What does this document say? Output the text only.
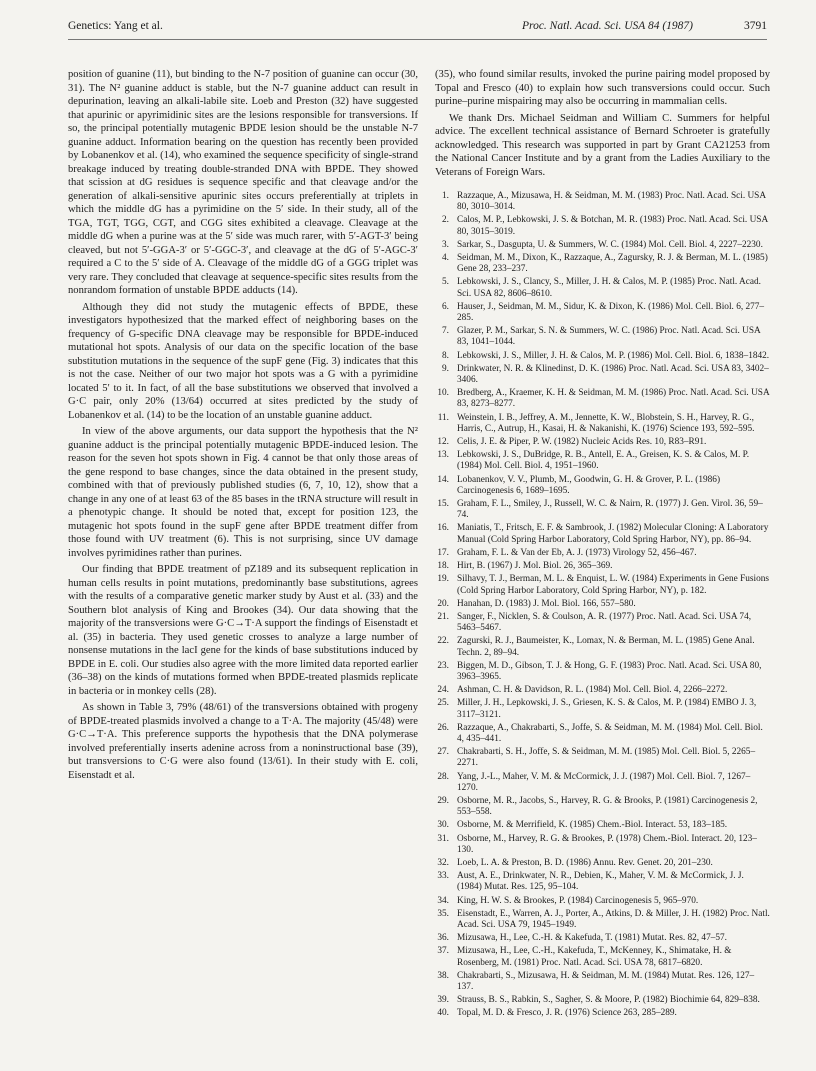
Genetics: Yang et al.	Proc. Natl. Acad. Sci. USA 84 (1987)	3791

position of guanine (11), but binding to the N-7 position of guanine can occur (30, 31). The N² guanine adduct is stable, but the N-7 guanine adduct can result in depurination, leaving an alkali-labile site. Loeb and Preston (32) have suggested that apurinic or apyrimidinic sites are the lesions responsible for transversions. If so, the principal potentially mutagenic BPDE lesion should be the unstable N-7 guanine adduct. Information bearing on the question has recently been provided by Lobanenkov et al. (14), who examined the sequence specificity of single-strand breakage induced by treating double-stranded DNA with BPDE. They showed that scission at dG residues is sequence specific and that cleavage and/or the generation of alkali-sensitive apurinic sites occurs preferentially at triplets in which the middle dG has a pyrimidine on the 5′ side. In their study, all of the TGA, TGT, TGG, CGT, and CGG sites exhibited a cleavage. Cleavage at the middle dG when a purine was at the 5′ side was much rarer, with 5′-AGT-3′ being cleaved, but not 5′-GGA-3′ or 5′-GGC-3′, and cleavage at the dG of 5′-AGC-3′ required a C to the 5′ side of A. Cleavage of the middle dG of a GGG triplet was very rare. They concluded that cleavage at sequence-specific sites results from the nonrandom formation of unstable BPDE adducts (14).

Although they did not study the mutagenic effects of BPDE, these investigators hypothesized that the marked effect of neighboring bases on the frequency of G-specific DNA cleavage may be responsible for BPDE-induced mutational hot spots. Analysis of our data on the specific location of the base substitution mutations in the sequence of the supF gene (Fig. 3) indicates that this is not the case. Neither of our two major hot spots was a G with a pyrimidine located 5′ to it. In fact, of all the base substitutions we observed that involved a G·C pair, only 20% (13/64) occurred at sites predicted by the study of Lobanenkov et al. (14) to be the location of an unstable guanine adduct.

In view of the above arguments, our data support the hypothesis that the N² guanine adduct is the principal potentially mutagenic BPDE-induced lesion. The reason for the seven hot spots shown in Fig. 4 cannot be that only those areas of the gene respond to base changes, since the data obtained in the present study, combined with that of previously published studies (6, 7, 10, 12), show that a change in any one of at least 63 of the 85 bases in the tRNA structure will result in a phenotypic change. It should be noted that, except for position 123, the mutagenic hot spots found in the supF gene after BPDE treatment differ from those found with UV treatment (6). This is not surprising, since UV damage involves pyrimidines rather than purines.

Our finding that BPDE treatment of pZ189 and its subsequent replication in human cells results in point mutations, predominantly base substitutions, agrees with the results of a comparative genetic marker study by Aust et al. (33) and the Southern blot analysis of King and Brookes (34). Our data showing that the majority of the transversions were G·C→T·A support the findings of Eisenstadt et al. (35) in bacteria. They used genetic crosses to analyze a large number of nonsense mutations in the lacI gene for the kinds of base substitutions induced by BPDE in E. coli. Our studies also agree with the more limited data reported earlier (36–38) on the kinds of mutations formed when BPDE-treated plasmids replicate in bacteria or in monkey cells (28).

As shown in Table 3, 79% (48/61) of the transversions obtained with progeny of BPDE-treated plasmids involved a change to a T·A. The majority (45/48) were G·C→T·A. This preference supports the hypothesis that the DNA polymerase involved preferentially inserts adenine across from a noninstructional base (39), but transversions to C·G were also found (13/61). In their study with E. coli, Eisenstadt et al.

(35), who found similar results, invoked the purine pairing model proposed by Topal and Fresco (40) to explain how such transversions could occur. Such purine–purine mispairing may also be occurring in mammalian cells.

We thank Drs. Michael Seidman and William C. Summers for helpful advice. The excellent technical assistance of Bernard Schroeter is gratefully acknowledged. This research was supported in part by Grant CA21253 from the National Cancer Institute and by a grant from the Ladies Auxiliary to the Veterans of Foreign Wars.

1. Razzaque, A., Mizusawa, H. & Seidman, M. M. (1983) Proc. Natl. Acad. Sci. USA 80, 3010–3014.
2. Calos, M. P., Lebkowski, J. S. & Botchan, M. R. (1983) Proc. Natl. Acad. Sci. USA 80, 3015–3019.
3. Sarkar, S., Dasgupta, U. & Summers, W. C. (1984) Mol. Cell. Biol. 4, 2227–2230.
4. Seidman, M. M., Dixon, K., Razzaque, A., Zagursky, R. J. & Berman, M. L. (1985) Gene 28, 233–237.
5. Lebkowski, J. S., Clancy, S., Miller, J. H. & Calos, M. P. (1985) Proc. Natl. Acad. Sci. USA 82, 8606–8610.
6. Hauser, J., Seidman, M. M., Sidur, K. & Dixon, K. (1986) Mol. Cell. Biol. 6, 277–285.
7. Glazer, P. M., Sarkar, S. N. & Summers, W. C. (1986) Proc. Natl. Acad. Sci. USA 83, 1041–1044.
8. Lebkowski, J. S., Miller, J. H. & Calos, M. P. (1986) Mol. Cell. Biol. 6, 1838–1842.
9. Drinkwater, N. R. & Klinedinst, D. K. (1986) Proc. Natl. Acad. Sci. USA 83, 3402–3406.
10. Bredberg, A., Kraemer, K. H. & Seidman, M. M. (1986) Proc. Natl. Acad. Sci. USA 83, 8273–8277.
11. Weinstein, I. B., Jeffrey, A. M., Jennette, K. W., Blobstein, S. H., Harvey, R. G., Harris, C., Autrup, H., Kasai, H. & Nakanishi, K. (1976) Science 193, 592–595.
12. Celis, J. E. & Piper, P. W. (1982) Nucleic Acids Res. 10, R83–R91.
13. Lebkowski, J. S., DuBridge, R. B., Antell, E. A., Greisen, K. S. & Calos, M. P. (1984) Mol. Cell. Biol. 4, 1951–1960.
14. Lobanenkov, V. V., Plumb, M., Goodwin, G. H. & Grover, P. L. (1986) Carcinogenesis 6, 1689–1695.
15. Graham, F. L., Smiley, J., Russell, W. C. & Nairn, R. (1977) J. Gen. Virol. 36, 59–74.
16. Maniatis, T., Fritsch, E. F. & Sambrook, J. (1982) Molecular Cloning: A Laboratory Manual (Cold Spring Harbor Laboratory, Cold Spring Harbor, NY), pp. 86–94.
17. Graham, F. L. & Van der Eb, A. J. (1973) Virology 52, 456–467.
18. Hirt, B. (1967) J. Mol. Biol. 26, 365–369.
19. Silhavy, T. J., Berman, M. L. & Enquist, L. W. (1984) Experiments in Gene Fusions (Cold Spring Harbor Laboratory, Cold Spring Harbor, NY), p. 182.
20. Hanahan, D. (1983) J. Mol. Biol. 166, 557–580.
21. Sanger, F., Nicklen, S. & Coulson, A. R. (1977) Proc. Natl. Acad. Sci. USA 74, 5463–5467.
22. Zagurski, R. J., Baumeister, K., Lomax, N. & Berman, M. L. (1985) Gene Anal. Techn. 2, 89–94.
23. Biggen, M. D., Gibson, T. J. & Hong, G. F. (1983) Proc. Natl. Acad. Sci. USA 80, 3963–3965.
24. Ashman, C. H. & Davidson, R. L. (1984) Mol. Cell. Biol. 4, 2266–2272.
25. Miller, J. H., Lepkowski, J. S., Griesen, K. S. & Calos, M. P. (1984) EMBO J. 3, 3117–3121.
26. Razzaque, A., Chakrabarti, S., Joffe, S. & Seidman, M. M. (1984) Mol. Cell. Biol. 4, 435–441.
27. Chakrabarti, S. H., Joffe, S. & Seidman, M. M. (1985) Mol. Cell. Biol. 5, 2265–2271.
28. Yang, J.-L., Maher, V. M. & McCormick, J. J. (1987) Mol. Cell. Biol. 7, 1267–1270.
29. Osborne, M. R., Jacobs, S., Harvey, R. G. & Brooks, P. (1981) Carcinogenesis 2, 553–558.
30. Osborne, M. & Merrifield, K. (1985) Chem.-Biol. Interact. 53, 183–185.
31. Osborne, M., Harvey, R. G. & Brookes, P. (1978) Chem.-Biol. Interact. 20, 123–130.
32. Loeb, L. A. & Preston, B. D. (1986) Annu. Rev. Genet. 20, 201–230.
33. Aust, A. E., Drinkwater, N. R., Debien, K., Maher, V. M. & McCormick, J. J. (1984) Mutat. Res. 125, 95–104.
34. King, H. W. S. & Brookes, P. (1984) Carcinogenesis 5, 965–970.
35. Eisenstadt, E., Warren, A. J., Porter, A., Atkins, D. & Miller, J. H. (1982) Proc. Natl. Acad. Sci. USA 79, 1945–1949.
36. Mizusawa, H., Lee, C.-H. & Kakefuda, T. (1981) Mutat. Res. 82, 47–57.
37. Mizusawa, H., Lee, C.-H., Kakefuda, T., McKenney, K., Shimatake, H. & Rosenberg, M. (1981) Proc. Natl. Acad. Sci. USA 78, 6817–6820.
38. Chakrabarti, S., Mizusawa, H. & Seidman, M. M. (1984) Mutat. Res. 126, 127–137.
39. Strauss, B. S., Rabkin, S., Sagher, S. & Moore, P. (1982) Biochimie 64, 829–838.
40. Topal, M. D. & Fresco, J. R. (1976) Science 263, 285–289.
